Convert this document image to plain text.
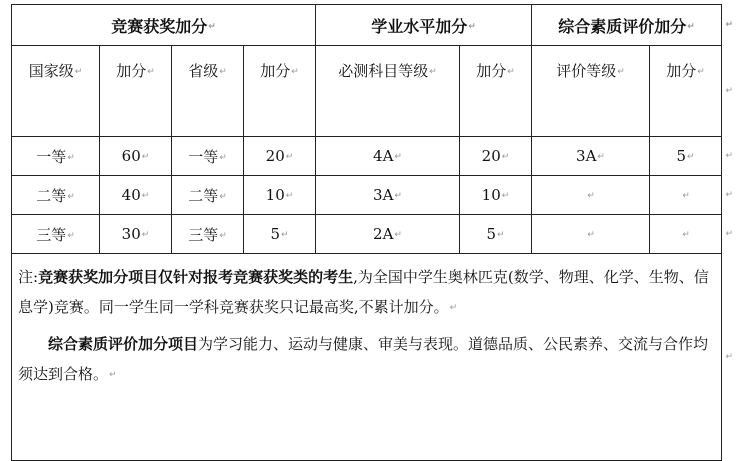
竞赛获奖加分↵				学业水平加分↵		综合素质评价加分↵ ↵	

国家级↵	加分↵	省级↵	加分↵	必测科目等级↵	加分↵	评价等级↵	加分↵
↵

一等↵	60↵	一等↵	20↵	4A↵	20↵	3A↵	5↵ ↵

二等↵	40↵	二等↵	10↵	3A↵	10↵	↵	↵ ↵

三等↵	30↵	三等↵	5↵	2A↵	5↵	↵	↵ ↵

注:竞赛获奖加分项目仅针对报考竞赛获奖类的考生,为全国中学生奥林匹克(数学、物理、化学、生物、信息学)竞赛。同一学生同一学科竞赛获奖只记最高奖,不累计加分。↵

综合素质评价加分项目为学习能力、运动与健康、审美与表现。道德品质、公民素养、交流与合作均须达到合格。↵

↵							
